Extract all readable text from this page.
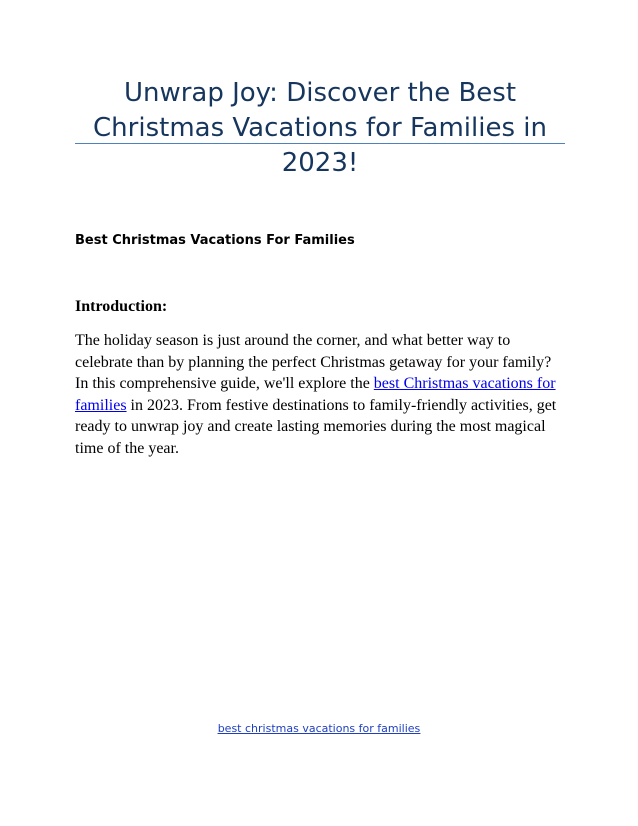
Unwrap Joy: Discover the Best Christmas Vacations for Families in 2023!
Best Christmas Vacations For Families
Introduction:

The holiday season is just around the corner, and what better way to celebrate than by planning the perfect Christmas getaway for your family? In this comprehensive guide, we'll explore the best Christmas vacations for families in 2023. From festive destinations to family-friendly activities, get ready to unwrap joy and create lasting memories during the most magical time of the year.

best christmas vacations for families
